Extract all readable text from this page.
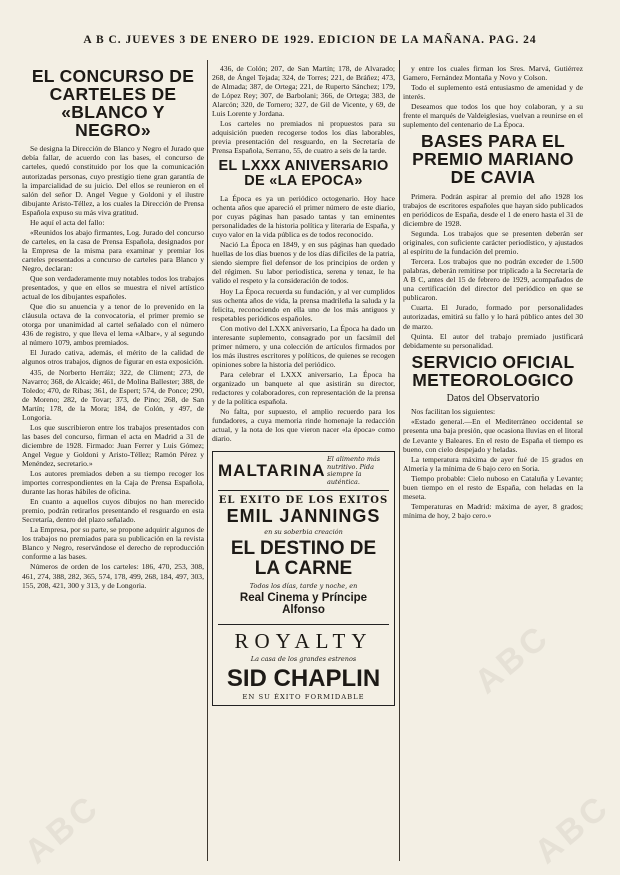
A B C. JUEVES 3 DE ENERO DE 1929. EDICION DE LA MAÑANA. PAG. 24
EL CONCURSO DE CARTELES DE «BLANCO Y NEGRO»

Se designa la Dirección de Blanco y Negro el Jurado que debía fallar, de acuerdo con las bases, el concurso de carteles, quedó constituido por los que la comunicación autorizadas personas, cuyo prestigio tiene gran garantía de la imparcialidad de su juicio. Del ellos se reunieron en el salón del señor D. Angel Vegue y Goldoni y el ilustre dibujante Aristo-Téllez, a los cuales la Dirección de Prensa Española expuso su más viva gratitud.

He aquí el acta del fallo:

«Reunidos los abajo firmantes, Log. Jurado del concurso de carteles, en la casa de Prensa Española, designados por la Empresa de la misma para examinar y premiar los carteles presentados a concurso de carteles para Blanco y Negro, declaran:

Que son verdaderamente muy notables todos los trabajos presentados, y que en ellos se muestra el nivel artístico actual de los dibujantes españoles.

Que dio su anuencia y a tenor de lo prevenido en la cláusula octava de la convocatoria, el primer premio se otorga por unanimidad al cartel señalado con el número 436 de registro, y que lleva el lema «Albar», y al segundo al número 1079, ambos premiados.

El Jurado cativa, además, el mérito de la calidad de algunos otros trabajos, dignos de figurar en esta exposición.

435, de Norberto Herráiz; 322, de Climent; 273, de Navarro; 368, de Alcaide; 461, de Molina Ballester; 388, de Toledo; 470, de Ribas; 361, de Espert; 574, de Ponce; 290, de Moreno; 282, de Tovar; 373, de Pino; 268, de San Martín; 178, de la Mora; 184, de Colón, y 497, de Longoria.

Los que suscribieron entre los trabajos presentados con las bases del concurso, firman el acta en Madrid a 31 de diciembre de 1928. Firmado: Juan Ferrer y Luis Gómez; Angel Vegue y Goldoni y Aristo-Téllez; Ramón Pérez y Menéndez, secretario.»

Los autores premiados deben a su tiempo recoger los importes correspondientes en la Caja de Prensa Española, durante las horas hábiles de oficina.

En cuanto a aquellos cuyos dibujos no han merecido premio, podrán retirarlos presentando el resguardo en esta Secretaría, dentro del plazo señalado.

La Empresa, por su parte, se propone adquirir algunos de los trabajos no premiados para su publicación en la revista Blanco y Negro, reservándose el derecho de reproducción conforme a las bases.

Números de orden de los carteles: 186, 470, 253, 308, 461, 274, 388, 282, 365, 574, 178, 499, 268, 184, 497, 303, 155, 208, 421, 300 y 313, y de Longoria.

436, de Colón; 207, de San Martín; 178, de Alvarado; 268, de Ángel Tejada; 324, de Torres; 221, de Bráñez; 473, de Almada; 387, de Ortega; 221, de Ruperto Sánchez; 179, de López Rey; 307, de Barbolani; 366, de Ortega; 383, de Alarcón; 320, de Tornero; 327, de Gil de Vicente, y 69, de Luis Lorente y Jordana.

Los carteles no premiados ni propuestos para su adquisición pueden recogerse todos los días laborables, previa presentación del resguardo, en la Secretaría de Prensa Española, Serrano, 55, de cuatro a seis de la tarde.

EL LXXX ANIVERSARIO DE «LA EPOCA»

La Época es ya un periódico octogenario. Hoy hace ochenta años que apareció el primer número de este diario, por cuyas páginas han pasado tantas y tan eminentes personalidades de la historia política y literaria de España, y cuyo valor en la vida pública es de todos reconocido.

Nació La Época en 1849, y en sus páginas han quedado huellas de los días buenos y de los días difíciles de la patria, siendo siempre fiel defensor de los principios de orden y del régimen. Su labor periodística, serena y tenaz, le ha valido el respeto y la consideración de todos.

Hoy La Época recuerda su fundación, y al ver cumplidos sus ochenta años de vida, la prensa madrileña la saluda y la felicita, reconociendo en ella uno de los más antiguos y respetables periódicos españoles.

Con motivo del LXXX aniversario, La Época ha dado un interesante suplemento, consagrado por un facsímil del primer número, y una colección de artículos firmados por los más ilustres escritores y políticos, de quienes se recogen opiniones sobre la historia del periódico.

Para celebrar el LXXX aniversario, La Época ha organizado un banquete al que asistirán su director, redactores y colaboradores, con representación de la prensa y de la política española.

No falta, por supuesto, el amplio recuerdo para los fundadores, a cuya memoria rinde homenaje la redacción actual, y la nota de los que vieron nacer «la época» como diario.

MALTARINA
El alimento más nutritivo. Pida siempre la auténtica.
EL EXITO DE LOS EXITOS
EMIL JANNINGS
en su soberbia creación
EL DESTINO DE LA CARNE
Todos los días, tarde y noche, en
Real Cinema y Príncipe Alfonso
ROYALTY
La casa de los grandes estrenos
SID CHAPLIN
EN SU ÉXITO FORMIDABLE

y entre los cuales firman los Sres. Marvá, Gutiérrez Gamero, Fernández Montaña y Novo y Colson.

Todo el suplemento está entusiasmo de amenidad y de interés.

Deseamos que todos los que hoy colaboran, y a su frente el marqués de Valdeiglesias, vuelvan a reunirse en el suplemento del centenario de La Época.

BASES PARA EL PREMIO MARIANO DE CAVIA

Primera. Podrán aspirar al premio del año 1928 los trabajos de escritores españoles que hayan sido publicados en periódicos de España, desde el 1 de enero hasta el 31 de diciembre de 1928.

Segunda. Los trabajos que se presenten deberán ser originales, con suficiente carácter periodístico, y ajustados al espíritu de la fundación del premio.

Tercera. Los trabajos que no podrán exceder de 1.500 palabras, deberán remitirse por triplicado a la Secretaría de A B C, antes del 15 de febrero de 1929, acompañados de una certificación del director del periódico en que se publicaron.

Cuarta. El Jurado, formado por personalidades autorizadas, emitirá su fallo y lo hará público antes del 30 de marzo.

Quinta. El autor del trabajo premiado justificará debidamente su personalidad.

SERVICIO OFICIAL METEOROLOGICO

Datos del Observatorio

Nos facilitan los siguientes:

«Estado general.—En el Mediterráneo occidental se presenta una baja presión, que ocasiona lluvias en el litoral de Levante y Baleares. En el resto de España el tiempo es bueno, con cielo despejado y heladas.

La temperatura máxima de ayer fué de 15 grados en Almería y la mínima de 6 bajo cero en Soria.

Tiempo probable: Cielo nuboso en Cataluña y Levante; buen tiempo en el resto de España, con heladas en la meseta.

Temperaturas en Madrid: máxima de ayer, 8 grados; mínima de hoy, 2 bajo cero.»

ABC
ABC	ABC
